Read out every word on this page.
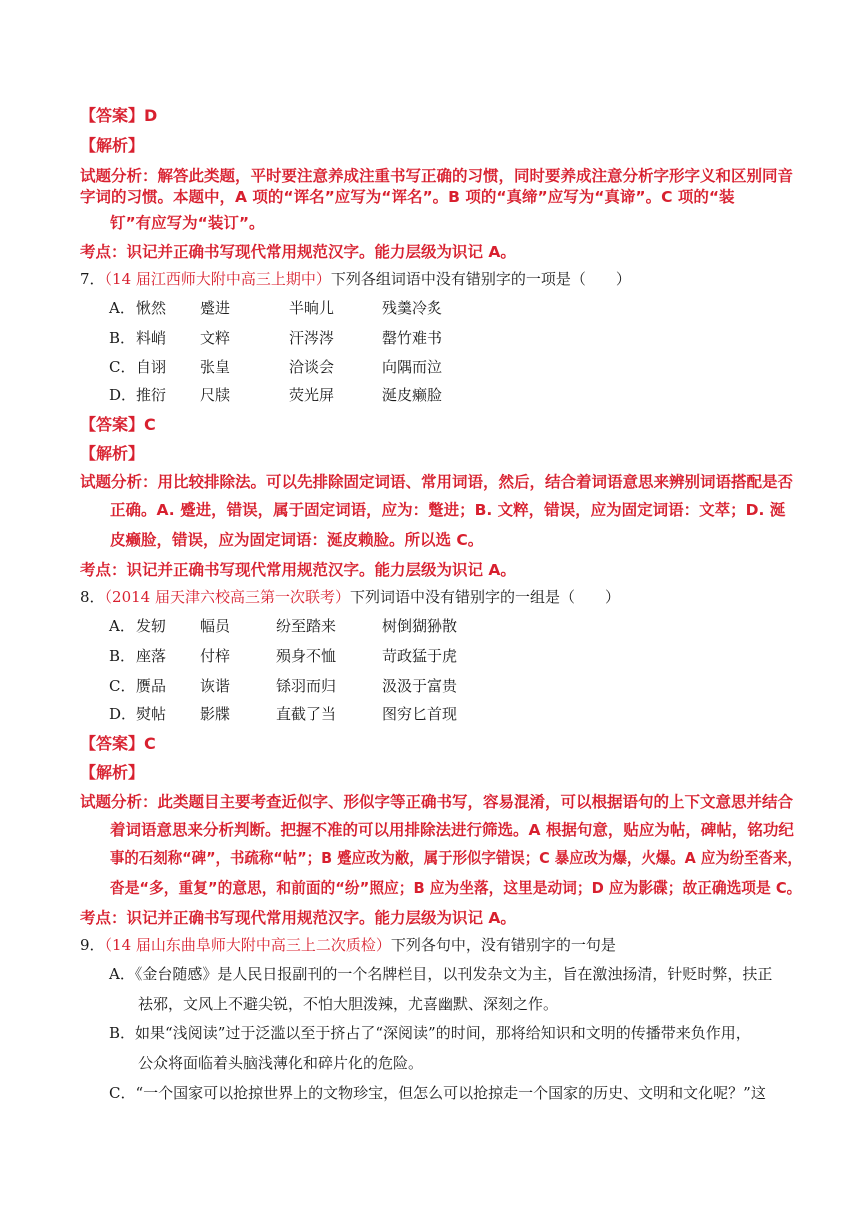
【答案】D
【解析】
试题分析：解答此类题，平时要注意养成注重书写正确的习惯，同时要养成注意分析字形字义和区别同音
字词的习惯。本题中，A 项的“诨名”应写为“诨名”。B 项的“真缔”应写为“真谛”。C 项的“装
钉”有应写为“装订”。
考点：识记并正确书写现代常用规范汉字。能力层级为识记 A。
7．（14 届江西师大附中高三上期中）下列各组词语中没有错别字的一项是（　　）
A． 愀然 蹙进	半晌儿	残羹冷炙
B． 料峭 文粹	汗涔涔	罄竹难书
C． 自诩 张皇	洽谈会	向隅而泣
D． 推衍 尺牍	荧光屏	涎皮癞脸
【答案】C
【解析】
试题分析：用比较排除法。可以先排除固定词语、常用词语，然后，结合着词语意思来辨别词语搭配是否
正确。A. 蹙进，错误，属于固定词语，应为：蹩进；B. 文粹，错误，应为固定词语：文萃；D. 涎
皮癞脸，错误，应为固定词语：涎皮赖脸。所以选 C。
考点：识记并正确书写现代常用规范汉字。能力层级为识记 A。
8．（2014 届天津六校高三第一次联考）下列词语中没有错别字的一组是（　　）
A． 发轫 幅员	纷至踏来	树倒猢狲散
B． 座落 付梓	殒身不恤	苛政猛于虎
C． 赝品 诙谐	铩羽而归	汲汲于富贵
D． 熨帖 影牒	直截了当	图穷匕首现
【答案】C
【解析】
试题分析：此类题目主要考查近似字、形似字等正确书写，容易混淆，可以根据语句的上下文意思并结合
着词语意思来分析判断。把握不准的可以用排除法进行筛选。A 根据句意，贴应为帖，碑帖，铭功纪
事的石刻称“碑”，书疏称“帖”；B 蹙应改为敝，属于形似字错误；C 暴应改为爆，火爆。A 应为纷至沓来，
沓是“多，重复”的意思，和前面的“纷”照应；B 应为坐落，这里是动词；D 应为影碟；故正确选项是 C。
考点：识记并正确书写现代常用规范汉字。能力层级为识记 A。
9．（14 届山东曲阜师大附中高三上二次质检）下列各句中，没有错别字的一句是
A．《金台随感》是人民日报副刊的一个名牌栏目，以刊发杂文为主，旨在激浊扬清，针贬时弊，扶正
祛邪，文风上不避尖锐，不怕大胆泼辣，尤喜幽默、深刻之作。
B．如果“浅阅读”过于泛滥以至于挤占了“深阅读”的时间，那将给知识和文明的传播带来负作用，
公众将面临着头脑浅薄化和碎片化的危险。
C．“一个国家可以抢掠世界上的文物珍宝，但怎么可以抢掠走一个国家的历史、文明和文化呢？”这
